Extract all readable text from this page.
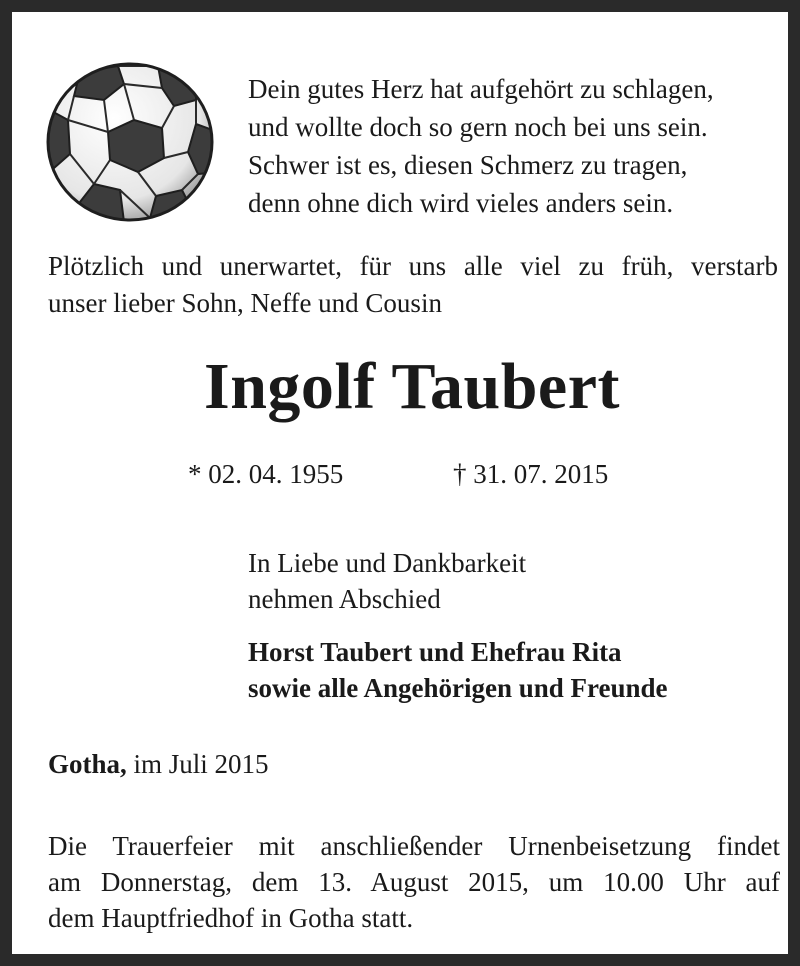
Dein gutes Herz hat aufgehört zu schlagen,
und wollte doch so gern noch bei uns sein.
Schwer ist es, diesen Schmerz zu tragen,
denn ohne dich wird vieles anders sein.
Plötzlich und unerwartet, für uns alle viel zu früh, verstarb
unser lieber Sohn, Neffe und Cousin
Ingolf Taubert
* 02. 04. 1955	† 31. 07. 2015
In Liebe und Dankbarkeit
nehmen Abschied
Horst Taubert und Ehefrau Rita
sowie alle Angehörigen und Freunde
Gotha, im Juli 2015
Die Trauerfeier mit anschließender Urnenbeisetzung findet
am Donnerstag, dem 13. August 2015, um 10.00 Uhr auf
dem Hauptfriedhof in Gotha statt.
